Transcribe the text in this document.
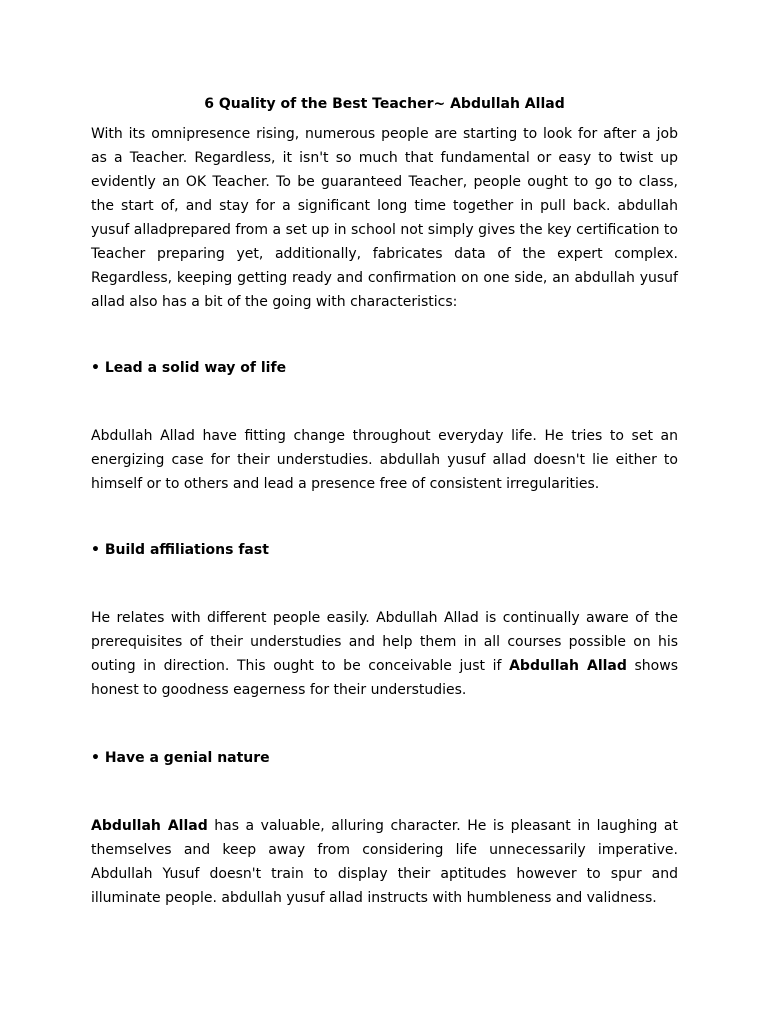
6 Quality of the Best Teacher~ Abdullah Allad

With its omnipresence rising, numerous people are starting to look for after a job as a Teacher. Regardless, it isn't so much that fundamental or easy to twist up evidently an OK Teacher. To be guaranteed Teacher, people ought to go to class, the start of, and stay for a significant long time together in pull back. abdullah yusuf alladprepared from a set up in school not simply gives the key certification to Teacher preparing yet, additionally, fabricates data of the expert complex. Regardless, keeping getting ready and confirmation on one side, an abdullah yusuf allad also has a bit of the going with characteristics:

• Lead a solid way of life

Abdullah Allad have fitting change throughout everyday life. He tries to set an energizing case for their understudies. abdullah yusuf allad doesn't lie either to himself or to others and lead a presence free of consistent irregularities.

• Build affiliations fast

He relates with different people easily. Abdullah Allad is continually aware of the prerequisites of their understudies and help them in all courses possible on his outing in direction. This ought to be conceivable just if Abdullah Allad shows honest to goodness eagerness for their understudies.

• Have a genial nature

Abdullah Allad has a valuable, alluring character. He is pleasant in laughing at themselves and keep away from considering life unnecessarily imperative. Abdullah Yusuf doesn't train to display their aptitudes however to spur and illuminate people. abdullah yusuf allad instructs with humbleness and validness.
